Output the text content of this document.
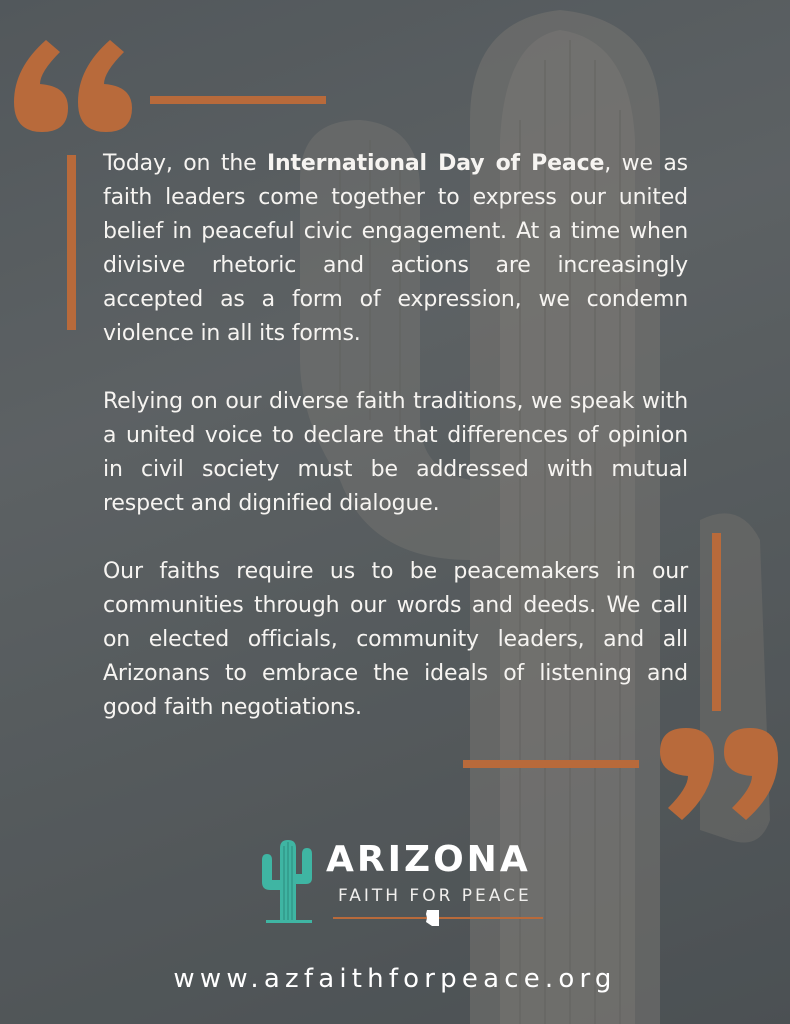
Today, on the International Day of Peace, we as faith leaders come together to express our united belief in peaceful civic engagement. At a time when divisive rhetoric and actions are increasingly accepted as a form of expression, we condemn violence in all its forms.

Relying on our diverse faith traditions, we speak with a united voice to declare that differences of opinion in civil society must be addressed with mutual respect and dignified dialogue.

Our faiths require us to be peacemakers in our communities through our words and deeds. We call on elected officials, community leaders, and all Arizonans to embrace the ideals of listening and good faith negotiations.

ARIZONA
FAITH FOR PEACE
www.azfaithforpeace.org
